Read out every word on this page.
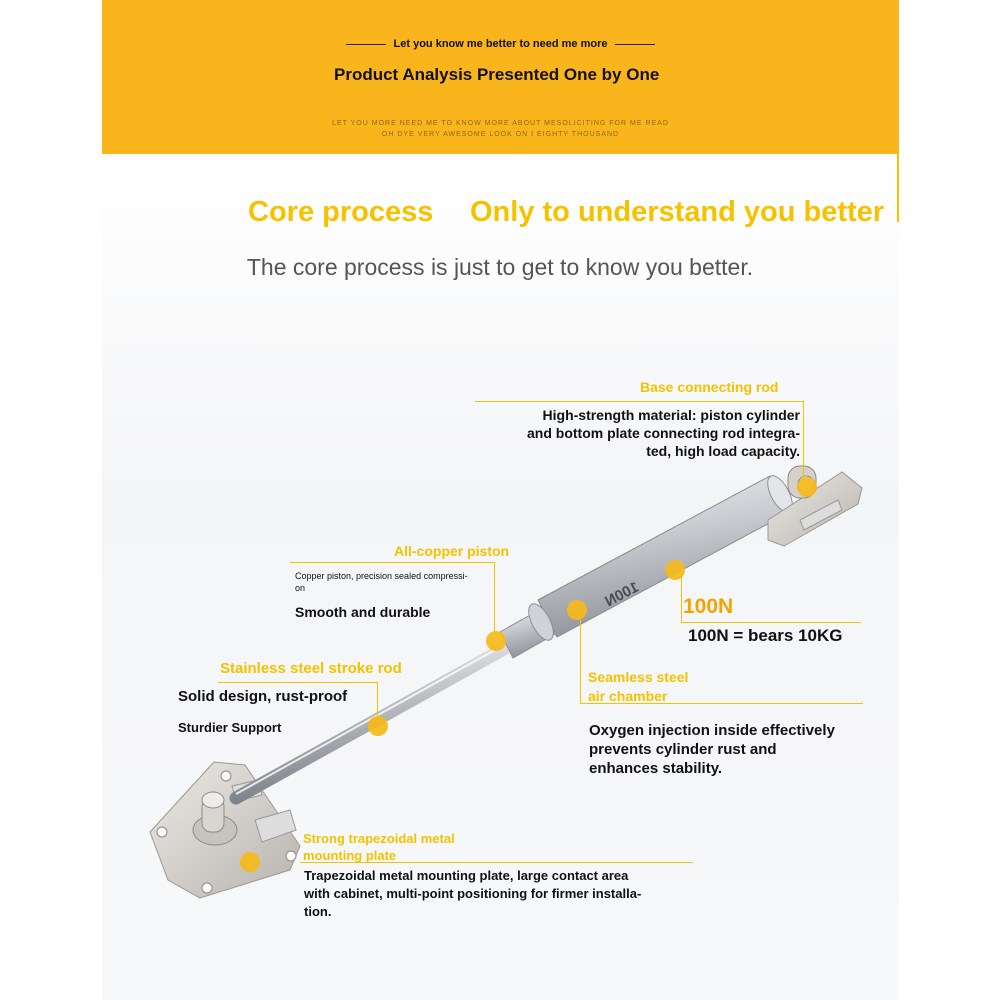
Let you know me better to need me more
Product Analysis Presented One by One
LET YOU MORE NEED ME TO KNOW MORE ABOUT MESOLICITING FOR ME READ
OH DYE VERY AWESOME LOOK ON I EIGHTY THOUSAND
Core process Only to understand you better
The core process is just to get to know you better.
100N
Base connecting rod
High-strength material: piston cylinder
and bottom plate connecting rod integra-
ted, high load capacity.
All-copper piston
Copper piston, precision sealed compressi-
on
Smooth and durable
Stainless steel stroke rod
Solid design, rust-proof
Sturdier Support
100N
100N = bears 10KG
Seamless steel
air chamber
Oxygen injection inside effectively
prevents cylinder rust and
enhances stability.
Strong trapezoidal metal
mounting plate
Trapezoidal metal mounting plate, large contact area
with cabinet, multi-point positioning for firmer installa-
tion.
